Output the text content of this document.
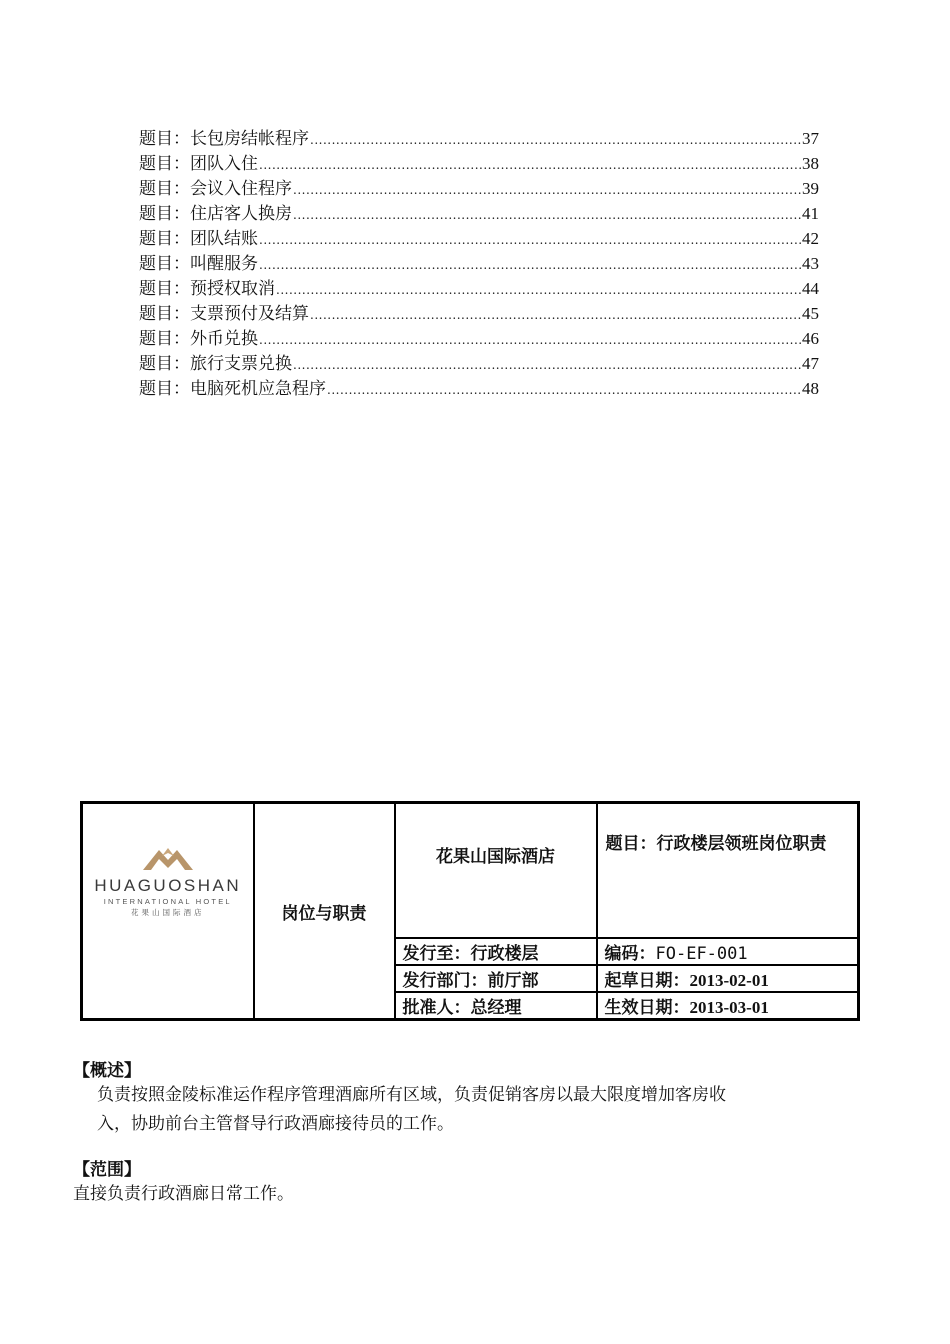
题目：长包房结帐程序 .....	37
题目：团队入住 .....	38
题目：会议入住程序 .....	39
题目：住店客人换房 .....	41
题目：团队结账 .....	42
题目：叫醒服务 .....	43
题目：预授权取消 .....	44
题目：支票预付及结算 .....	45
题目：外币兑换 .....	46
题目：旅行支票兑换 .....	47
题目：电脑死机应急程序 .....	48
HUAGUOSHAN
INTERNATIONAL HOTEL
花果山国际酒店	岗位与职责	花果山国际酒店	题目：行政楼层领班岗位职责
		发行至：行政楼层	编码：FO-EF-001
		发行部门：前厅部	起草日期：2013-02-01
		批准人：总经理	生效日期：2013-03-01
【概述】
负责按照金陵标准运作程序管理酒廊所有区域，负责促销客房以最大限度增加客房收
入，协助前台主管督导行政酒廊接待员的工作。
【范围】
直接负责行政酒廊日常工作。
